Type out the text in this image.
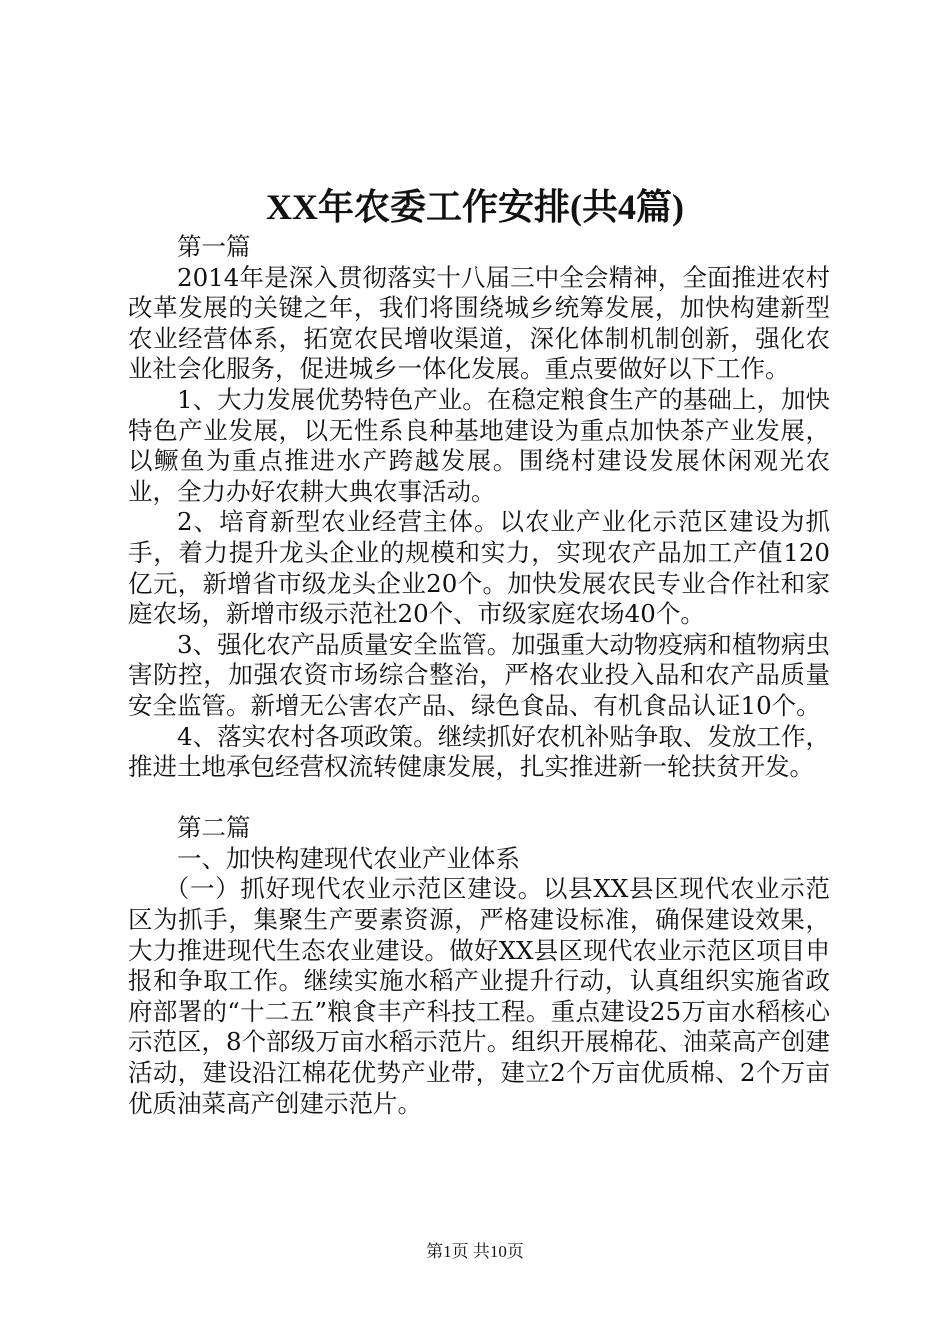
XX年农委工作安排(共4篇)

第一篇

2014年是深入贯彻落实十八届三中全会精神，全面推进农村改革发展的关键之年，我们将围绕城乡统筹发展，加快构建新型农业经营体系，拓宽农民增收渠道，深化体制机制创新，强化农业社会化服务，促进城乡一体化发展。重点要做好以下工作。

1、大力发展优势特色产业。在稳定粮食生产的基础上，加快特色产业发展，以无性系良种基地建设为重点加快茶产业发展，以鳜鱼为重点推进水产跨越发展。围绕村建设发展休闲观光农业，全力办好农耕大典农事活动。

2、培育新型农业经营主体。以农业产业化示范区建设为抓手，着力提升龙头企业的规模和实力，实现农产品加工产值120亿元，新增省市级龙头企业20个。加快发展农民专业合作社和家庭农场，新增市级示范社20个、市级家庭农场40个。

3、强化农产品质量安全监管。加强重大动物疫病和植物病虫害防控，加强农资市场综合整治，严格农业投入品和农产品质量安全监管。新增无公害农产品、绿色食品、有机食品认证10个。

4、落实农村各项政策。继续抓好农机补贴争取、发放工作，推进土地承包经营权流转健康发展，扎实推进新一轮扶贫开发。

第二篇

一、加快构建现代农业产业体系

（一）抓好现代农业示范区建设。以县XX县区现代农业示范区为抓手，集聚生产要素资源，严格建设标准，确保建设效果，大力推进现代生态农业建设。做好XX县区现代农业示范区项目申报和争取工作。继续实施水稻产业提升行动，认真组织实施省政府部署的“十二五”粮食丰产科技工程。重点建设25万亩水稻核心示范区，8个部级万亩水稻示范片。组织开展棉花、油菜高产创建活动，建设沿江棉花优势产业带，建立2个万亩优质棉、2个万亩优质油菜高产创建示范片。

第1页 共10页
